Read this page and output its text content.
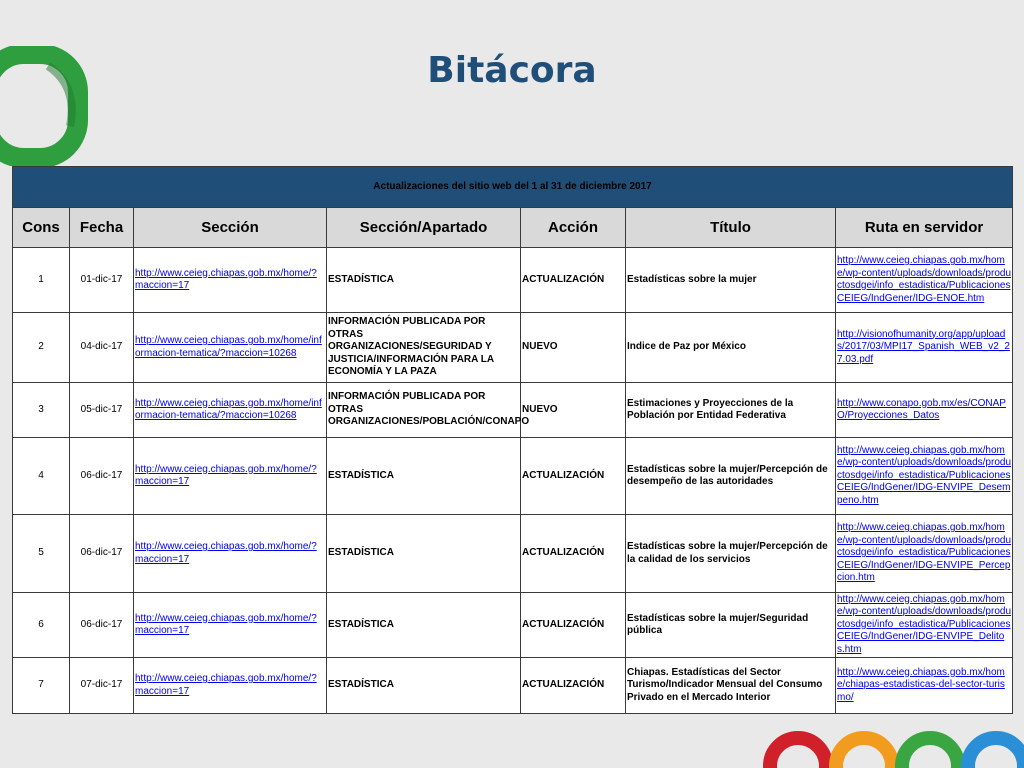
Bitácora
Actualizaciones del sitio web del 1 al 31 de diciembre 2017						
Cons	Fecha	Sección	Sección/Apartado	Acción	Título	Ruta en servidor
1	01-dic-17	http://www.ceieg.chiapas.gob.mx/home/?maccion=17	ESTADÍSTICA	ACTUALIZACIÓN	Estadísticas sobre la mujer	http://www.ceieg.chiapas.gob.mx/home/wp-content/uploads/downloads/productosdgei/info_estadistica/PublicacionesCEIEG/IndGener/IDG-ENOE.htm
2	04-dic-17	http://www.ceieg.chiapas.gob.mx/home/informacion-tematica/?maccion=10268	INFORMACIÓN PUBLICADA POR OTRAS ORGANIZACIONES/SEGURIDAD Y JUSTICIA/INFORMACIÓN PARA LA ECONOMÍA Y LA PAZA	NUEVO	Indice de Paz por México	http://visionofhumanity.org/app/uploads/2017/03/MPI17_Spanish_WEB_v2_27.03.pdf
3	05-dic-17	http://www.ceieg.chiapas.gob.mx/home/informacion-tematica/?maccion=10268	INFORMACIÓN PUBLICADA POR OTRAS ORGANIZACIONES/POBLACIÓN/CONAPO	NUEVO	Estimaciones y Proyecciones de la Población por Entidad Federativa	http://www.conapo.gob.mx/es/CONAPO/Proyecciones_Datos
4	06-dic-17	http://www.ceieg.chiapas.gob.mx/home/?maccion=17	ESTADÍSTICA	ACTUALIZACIÓN	Estadísticas sobre la mujer/Percepción de desempeño de las autoridades	http://www.ceieg.chiapas.gob.mx/home/wp-content/uploads/downloads/productosdgei/info_estadistica/PublicacionesCEIEG/IndGener/IDG-ENVIPE_Desempeno.htm
5	06-dic-17	http://www.ceieg.chiapas.gob.mx/home/?maccion=17	ESTADÍSTICA	ACTUALIZACIÓN	Estadísticas sobre la mujer/Percepción de la calidad de los servicios	http://www.ceieg.chiapas.gob.mx/home/wp-content/uploads/downloads/productosdgei/info_estadistica/PublicacionesCEIEG/IndGener/IDG-ENVIPE_Percepcion.htm
6	06-dic-17	http://www.ceieg.chiapas.gob.mx/home/?maccion=17	ESTADÍSTICA	ACTUALIZACIÓN	Estadísticas sobre la mujer/Seguridad pública	http://www.ceieg.chiapas.gob.mx/home/wp-content/uploads/downloads/productosdgei/info_estadistica/PublicacionesCEIEG/IndGener/IDG-ENVIPE_Delitos.htm
7	07-dic-17	http://www.ceieg.chiapas.gob.mx/home/?maccion=17	ESTADÍSTICA	ACTUALIZACIÓN	Chiapas. Estadísticas del Sector Turismo/Indicador Mensual del Consumo Privado en el Mercado Interior	http://www.ceieg.chiapas.gob.mx/home/chiapas-estadisticas-del-sector-turismo/
